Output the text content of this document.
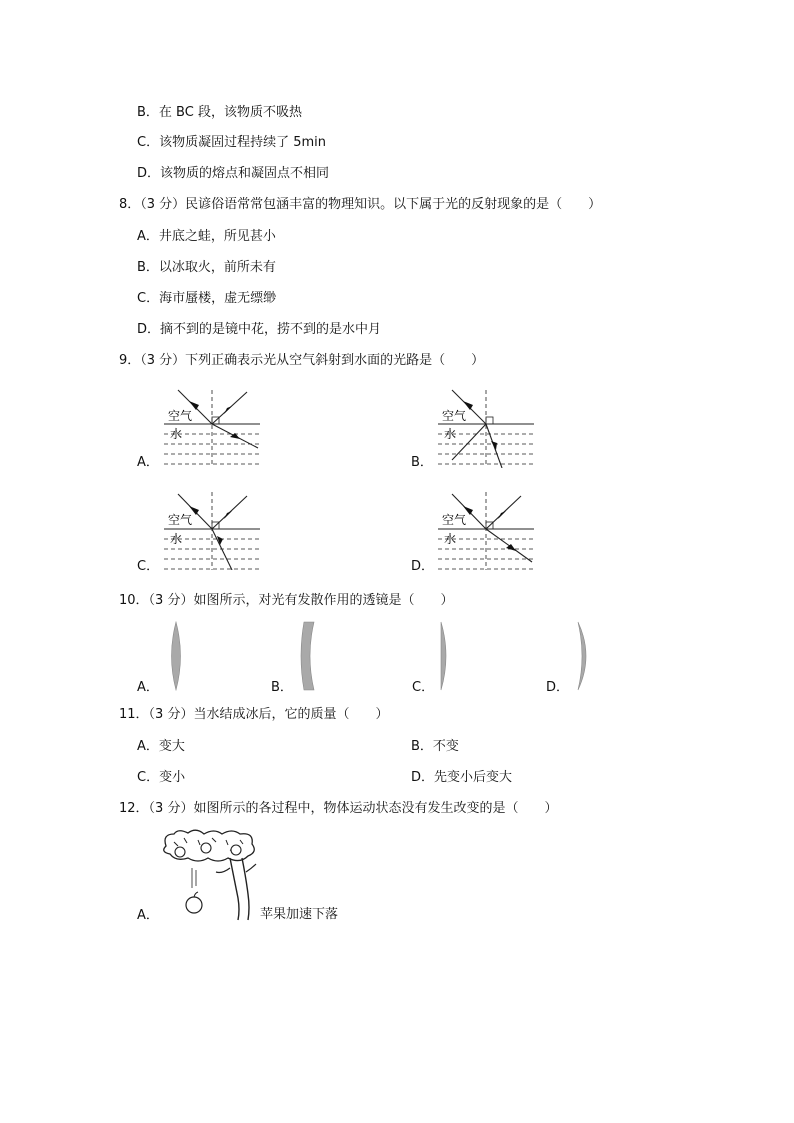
B．在 BC 段，该物质不吸热
C．该物质凝固过程持续了 5min
D．该物质的熔点和凝固点不相同
8．（3 分）民谚俗语常常包涵丰富的物理知识。以下属于光的反射现象的是（　　）
A．井底之蛙，所见甚小
B．以冰取火，前所未有
C．海市蜃楼，虚无缥缈
D．摘不到的是镜中花，捞不到的是水中月
9．（3 分）下列正确表示光从空气斜射到水面的光路是（　　）
A．
空气
水
B．
空气
水
C．
空气
水
D．
空气
水
10．（3 分）如图所示，对光有发散作用的透镜是（　　）
A．	B．	C．	D．
11．（3 分）当水结成冰后，它的质量（　　）
A．变大	B．不变
C．变小	D．先变小后变大
12．（3 分）如图所示的各过程中，物体运动状态没有发生改变的是（　　）
A．	苹果加速下落
